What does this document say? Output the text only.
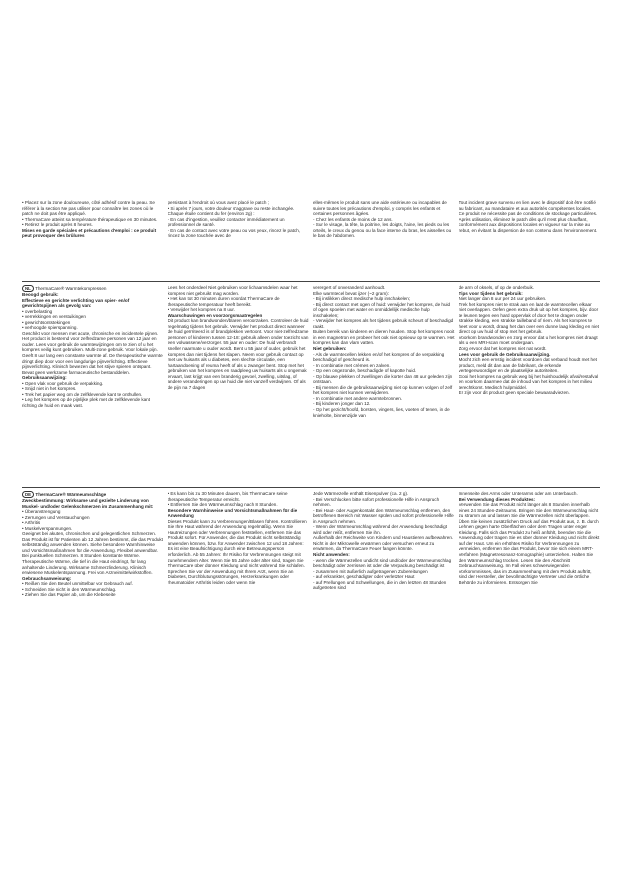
• Placez sur la zone douloureuse, côté adhésif contre la peau. Se référer à la section Ne pas utiliser pour connaître les zones où le patch ne doit pas être appliqué.

• ThermaCare atteint sa température thérapeutique en 30 minutes.

• Retirez le produit après 8 heures.

Mises en garde spéciales et précautions d'emploi : ce produit peut provoquer des brûlures

persistant à l'endroit où vous avez placé le patch ;

• Si après 7 jours, votre douleur s'aggrave ou reste inchangée.

Chaque étuile contient du fer (environ 2g) :

- En cas d'ingestion, veuillez contacter immédiatement un professionnel de santé.

- En cas de contact avec votre peau ou vos yeux, rincez le patch, rincez la zone touchée avec de

elles-mêmes le produit sans une aide extérieure ou incapables de suivre toutes les précautions d'emploi, y compris les enfants et certaines personnes âgées.

- Chez les enfants de moins de 12 ans.

- Sur le visage, la tête, la poitrine, les doigts, l'aine, les pieds ou les orteils, le creux du genou ou la face interne du bras, les aisselles ou le bas de l'abdomen.

Tout incident grave survenu en lien avec le dispositif doit être notifié au fabricant, au mandataire et aux autorités compétentes locales.

Ce produit ne nécessite pas de conditions de stockage particulières. Après utilisation, éliminez le patch dès qu'il n'est plus chauffant, conformément aux dispositions locales en vigueur sur la mise au rebut, en évitant la dispersion de son contenu dans l'environnement.

NL ThermaCare® Warmtekompressen

Beoogd gebruik:

Effectieve en gerichte verlichting van spier- en/of gewrichtspijnen als gevolg van:

• overbelasting

• verrekkingen en verstuikingen

• gewrichtsontstekingen

• verhoogde spierspanning.

Geschikt voor mensen met acute, chronische en incidentele pijnen. Het product is bestemd voor zelfredzame personen van 12 jaar en ouder. Lees voor gebruik de warmtewijzingen om te zien of u het kompres veilig kunt gebruiken. Multi-zone gebruik. Voor lokale pijn. Geeft 8 uur lang een constante warmte af. De therapeutische warmte dringt diep door voor een langdurige pijnverlichting. Effectieve pijnverlichting. Klinisch bewezen dat het stijve spieren ontspant. Bevat geen werkzame farmaceutische bestanddelen.

Gebruiksaanwijzing:

• Open vlak voor gebruik de verpakking.

• Snijd niet in het kompres.

• Trek het papier weg om de zelfklevende kant te onthullen.

• Leg het kompres op de pijnlijke plek met de zelfklevende kant richting de huid en maak vast.

Lees het onderdeel Niet gebruiken voor lichaamsdelen waar het kompres niet gebruikt mag worden.

• Het kan tot 30 minuten duren voordat ThermaCare de therapeutische temperatuur heeft bereikt.

• Verwijder het kompres na 8 uur.

Waarschuwingen en voorzorgsmaatregelen

Dit product kan brandwonden/blaren veroorzaken. Controleer de huid regelmatig tijdens het gebruik. Verwijder het product direct wanneer de huid geïrriteerd is of brandplekken vertoont. Voor niet-zelfredzame personen of kinderen tussen 12-18: gebruik alleen onder toezicht van een volwassene/verzorger. 55 jaar en ouder: De huid verbrandt sneller naarmate u ouder wordt. Bent u 55 jaar of ouder, gebruik het kompres dan niet tijdens het slapen. Neem voor gebruik contact op met uw huisarts als u diabetes, een slechte circulatie, een hartaandoening of reuma heeft of als u zwanger bent. Stop met het gebruiken van het kompres en raadpleeg uw huisarts als u ongemak ervaart, last krijgt van een branderig gevoel, zwelling, uitslag, of andere veranderingen op uw huid die niet vanzelf verdwijnen. Of als de pijn na 7 dagen

verergert of onveranderd aanhoudt.

Elke warmtecel bevat ijzer (~2 gram):

- Bij inslikken direct medische hulp inschakelen;

- Bij direct contact met ogen of huid: verwijder het kompres, de huid of ogen spoelen met water en onmiddellijk medische hulp inschakelen;

- Verwijder het kompres als het tijdens gebruik scheurt of beschadigd raakt.

Buiten bereik van kinderen en dieren houden. Stop het kompres nooit in een magnetron en probeer het ook niet opnieuw op te warmen. Het kompres kan dan vlam vatten.

Niet gebruiken:

- Als de warmtecellen lekken en/of het kompres of de verpakking beschadigd of gescheurd is.

- In combinatie met crèmes en zalven.

- Op een ongezonde, beschadigde of kapotte huid.

- Op blauwe plekken of zwellingen die korter dan 48 uur geleden zijn ontstaan.

- Bij mensen die de gebruiksaanwijzing niet op kunnen volgen of zelf het kompres niet kunnen verwijderen.

- In combinatie met andere warmtebronnen.

- Bij kinderen jonger dan 12.

- Op het gezicht/hoofd, borsten, vingers, lies, voeten of tenen, in de knieholte, binnenzijde van

de arm of oksels, of op de onderbuik.

Tips voor tijdens het gebruik:

Niet langer dan 8 uur per 24 uur gebruiken.

Trek het kompres niet te strak aan en laat de warmtecellen elkaar niet overlappen. Oefen geen extra druk uit op het kompres, bijv. door te leunen tegen een hard oppervlak of door het te dragen onder strakke kleding, een strakke tailleband of riem. Als het kompres te heet voor u wordt, draag het dan over een dunne laag kleding en niet direct op uw huid of stop met het gebruik.

Voorkom brandwonden en zorg ervoor dat u het kompres niet draagt als u een MRI-scan moet ondergaan.

Zorg ervoor dat het kompres niet nat wordt.

Lees voor gebruik de Gebruiksaanwijzing.

Mocht zich een ernstig incident voordoen dat verband houdt met het product, meld dit dan aan de fabrikant, de erkende vertegenwoordiger en de plaatselijke autoriteiten.

Gooi het kompres na gebruik weg bij het huishoudelijk afval/restafval en voorkom daarmee dat de inhoud van het kompres in het milieu terechtkomt. Medisch hulpmiddel.

Er zijn voor dit product geen speciale bewaaradviezen.

DE ThermaCare® Wärmeumschläge

Zweckbestimmung: Wirksame und gezielte Linderung von Muskel- und/oder Gelenkschmerzen im Zusammenhang mit:

• Überanstrengung

• Zerrungen und Verstauchungen

• Arthritis

• Muskelverspannungen.

Geeignet bei akuten, chronischen und gelegentlichen Schmerzen. Das Produkt ist für Patienten ab 12 Jahren bestimmt, die das Produkt selbstständig anwenden können. Siehe besondere Warnhinweise und Vorsichtsmaßnahmen für die Anwendung. Flexibel anwendbar. Bei punktuellen Schmerzen. 8 Stunden konstante Wärme. Therapeutische Wärme, die tief in die Haut eindringt, für lang anhaltende Linderung. Wirksame Schmerzlinderung. Klinisch erwiesene Muskelentspannung. Frei von Arzneimittelwirkstoffen.

Gebrauchsanweisung:

• Reißen Sie den Beutel unmittelbar vor Gebrauch auf.

• Schneiden Sie nicht in den Wärmeumschlag.

• Ziehen Sie das Papier ab, um die Klebeseite

• Es kann bis zu 30 Minuten dauern, bis ThermaCare seine therapeutische Temperatur erreicht.

• Entfernen Sie den Wärmeumschlag nach 8 Stunden.

Besondere Warnhinweise und Vorsichtsmaßnahmen für die Anwendung

Dieses Produkt kann zu Verbrennungen/Blasen führen. Kontrollieren Sie Ihre Haut während der Anwendung regelmäßig. Wenn Sie Hautreizungen oder Verbrennungen feststellen, entfernen Sie das Produkt sofort. Für Anwender, die das Produkt nicht selbstständig anwenden können, bzw. für Anwender zwischen 12 und 18 Jahren: Es ist eine Beaufsichtigung durch eine Betreuungsperson erforderlich. Ab 55 Jahren: Ihr Risiko für Verbrennungen steigt mit zunehmendem Alter. Wenn Sie 55 Jahre oder älter sind, tragen Sie ThermaCare über dünner Kleidung und nicht während Sie schlafen. Sprechen Sie vor der Anwendung mit Ihrem Arzt, wenn Sie an Diabetes, Durchblutungsstörungen, Herzerkrankungen oder rheumatoider Arthritis leiden oder wenn Sie

Jede Wärmezelle enthält Eisenpulver (ca. 2 g).

- Bei Verschlucken bitte sofort professionelle Hilfe in Anspruch nehmen.

- Bei Haut- oder Augenkontakt den Wärmeumschlag entfernen, den betroffenen Bereich mit Wasser spülen und sofort professionelle Hilfe in Anspruch nehmen.

- Wenn der Wärmeumschlag während der Anwendung beschädigt wird oder reißt, entfernen Sie ihn.

Außerhalb der Reichweite von Kindern und Haustieren aufbewahren. Nicht in der Mikrowelle erwärmen oder versuchen erneut zu erwärmen, da ThermaCare Feuer fangen könnte.

Nicht anwenden:

- wenn die Wärmezellen undicht sind und/oder der Wärmeumschlag beschädigt oder zerrissen ist oder die Verpackung beschädigt ist

- zusammen mit äußerlich aufgetragenen Zubereitungen

- auf erkrankter, geschädigter oder verletzter Haut

- auf Prellungen und Schwellungen, die in den letzten 48 Stunden aufgetreten sind

Innenseite des Arms oder Unterarms oder am Unterbauch.

Bei Verwendung dieses Produktes:

Verwenden Sie das Produkt nicht länger als 8 Stunden innerhalb eines 24 Stunden-Zeitraums. Bringen Sie den Wärmeumschlag nicht zu stramm an und lassen Sie die Wärmezellen nicht überlappen. Üben Sie keinen zusätzlichen Druck auf das Produkt aus, z. B. durch Lehnen gegen harte Oberflächen oder dem Tragen unter enger Kleidung. Falls sich das Produkt zu heiß anfühlt, beenden Sie die Anwendung oder tragen Sie es über dünner Kleidung und nicht direkt auf der Haut. Um ein erhöhtes Risiko für Verbrennungen zu vermeiden, entfernen Sie das Produkt, bevor Sie sich einem MRT-Verfahren (Magnetresonanz-tomographie) unterziehen. Halten Sie den Wärmeumschlag trocken. Lesen Sie den Abschnitt Gebrauchsanweisung. Im Fall eines schwerwiegenden Vorkommnisses, das im Zusammenhang mit dem Produkt auftritt, sind der Hersteller, der bevollmächtigte Vertreter und die örtliche Behörde zu informieren. Entsorgen Sie
